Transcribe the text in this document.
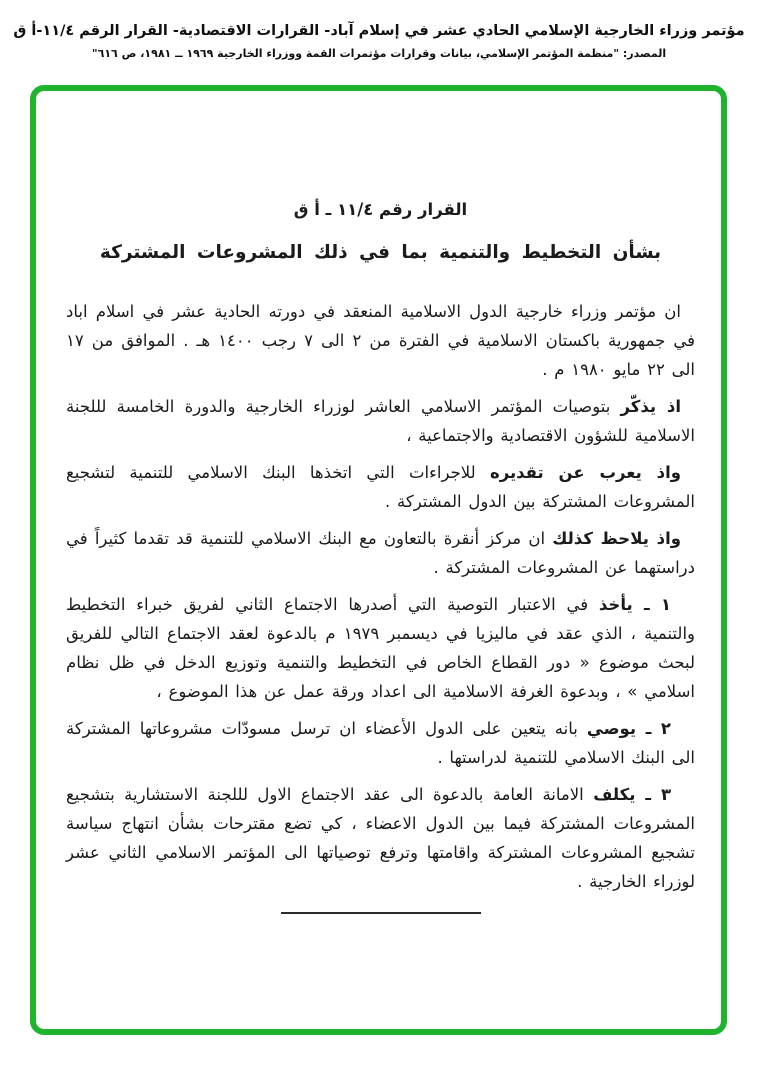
مؤتمر وزراء الخارجية الإسلامي الحادي عشر في إسلام آباد- القرارات الاقتصادية- القرار الرقم ١١/٤-أ ق
المصدر: "منظمة المؤتمر الإسلامي، بيانات وقرارات مؤتمرات القمة ووزراء الخارجية ١٩٦٩ ــ ١٩٨١، ص ٦١٦"
القرار رقم ١١/٤ ـ أ ق
بشأن التخطيط والتنمية بما في ذلك المشروعات المشتركة

ان مؤتمر وزراء خارجية الدول الاسلامية المنعقد في دورته الحادية عشر في اسلام اباد في جمهورية باكستان الاسلامية في الفترة من ٢ الى ٧ رجب ١٤٠٠ هـ . الموافق من ١٧ الى ٢٢ مايو ١٩٨٠ م .

اذ يذكّر بتوصيات المؤتمر الاسلامي العاشر لوزراء الخارجية والدورة الخامسة لللجنة الاسلامية للشؤون الاقتصادية والاجتماعية ،

واذ يعرب عن تقديره للاجراءات التي اتخذها البنك الاسلامي للتنمية لتشجيع المشروعات المشتركة بين الدول المشتركة .

واذ يلاحظ كذلك ان مركز أنقرة بالتعاون مع البنك الاسلامي للتنمية قد تقدما كثيراً في دراستهما عن المشروعات المشتركة .

١ ـ يأخذ في الاعتبار التوصية التي أصدرها الاجتماع الثاني لفريق خبراء التخطيط والتنمية ، الذي عقد في ماليزيا في ديسمبر ١٩٧٩ م بالدعوة لعقد الاجتماع التالي للفريق لبحث موضوع « دور القطاع الخاص في التخطيط والتنمية وتوزيع الدخل في ظل نظام اسلامي » ، وبدعوة الغرفة الاسلامية الى اعداد ورقة عمل عن هذا الموضوع ،

٢ ـ يوصي بانه يتعين على الدول الأعضاء ان ترسل مسودّات مشروعاتها المشتركة الى البنك الاسلامي للتنمية لدراستها .

٣ ـ يكلف الامانة العامة بالدعوة الى عقد الاجتماع الاول لللجنة الاستشارية بتشجيع المشروعات المشتركة فيما بين الدول الاعضاء ، كي تضع مقترحات بشأن انتهاج سياسة تشجيع المشروعات المشتركة واقامتها وترفع توصياتها الى المؤتمر الاسلامي الثاني عشر لوزراء الخارجية .
